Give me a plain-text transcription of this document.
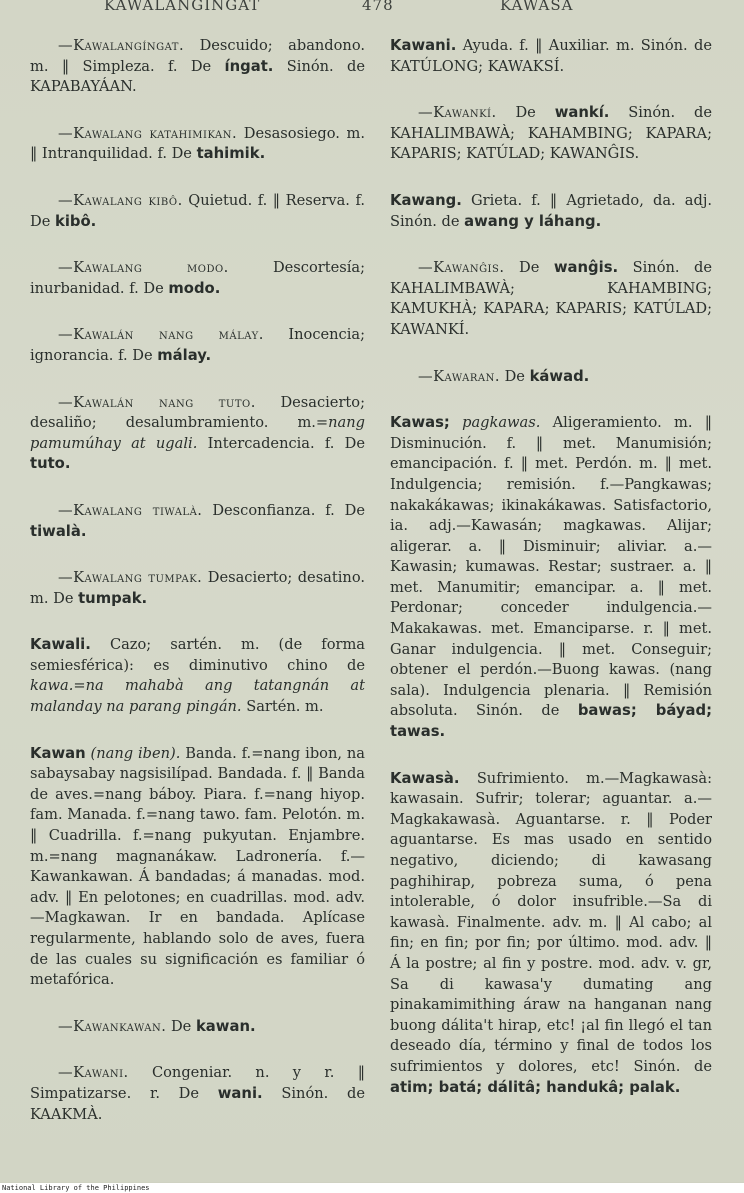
KAWALANGINGAT	478	KAWASA

—Kawalangíngat. Descuido; abandono. m. ‖ Simpleza. f. De íngat. Sinón. de KAPABAYÁAN.

—Kawalang katahimikan. Desasosiego. m. ‖ Intranquilidad. f. De tahimik.

—Kawalang kibô. Quietud. f. ‖ Reserva. f. De kibô.

—Kawalang modo.	Descortesía; inurbanidad. f. De modo.

—Kawalán nang málay. Inocencia; ignorancia. f. De málay.

—Kawalán nang tuto. Desacierto; desaliño; desalumbramiento. m.=nang pamumúhay at ugali. Intercadencia. f. De tuto.

—Kawalang tiwalà. Desconfianza. f. De tiwalà.

—Kawalang tumpak. Desacierto; desatino. m. De tumpak.

Kawali. Cazo; sartén. m. (de forma semiesférica): es diminutivo chino de kawa.=na mahabà ang tatangnán at malanday na parang pingán. Sartén. m.

Kawan (nang iben). Banda. f.=nang ibon, na sabaysabay nagsisilípad. Bandada. f. ‖ Banda de aves.=nang báboy. Piara. f.=nang hiyop. fam. Manada. f.=nang tawo. fam. Pelotón. m. ‖ Cuadrilla. f.=nang pukyutan. Enjambre. m.=nang magnanákaw. Ladronería. f.—Kawankawan. Á bandadas; á manadas. mod. adv. ‖ En pelotones; en cuadrillas. mod. adv.—Magkawan. Ir en bandada. Aplícase regularmente, hablando solo de aves, fuera de las cuales su significación es familiar ó metafórica.

—Kawankawan. De kawan.

—Kawani. Congeniar. n. y r. ‖ Simpatizarse. r. De wani. Sinón. de KAAKMÀ.

Kawani. Ayuda. f. ‖ Auxiliar. m. Sinón. de KATÚLONG; KAWAKSÍ.

—Kawankí. De wankí. Sinón. de KAHALIMBAWÀ; KAHAMBING; KAPARA; KAPARIS; KATÚLAD; KAWANĜIS.

Kawang. Grieta. f. ‖ Agrietado, da. adj. Sinón. de awang y láhang.

—Kawanĝis. De wanĝis. Sinón. de KAHALIMBAWÀ; KAHAMBING; KAMUKHÀ; KAPARA; KAPARIS; KATÚLAD; KAWANKÍ.

—Kawaran. De káwad.

Kawas; pagkawas. Aligeramiento. m. ‖ Disminución. f. ‖ met. Manumisión; emancipación. f. ‖ met. Perdón. m. ‖ met. Indulgencia; remisión. f.—Pangkawas; nakakákawas; ikinakákawas. Satisfactorio, ia. adj.—Kawasán; magkawas. Alijar; aligerar. a. ‖ Disminuir; aliviar. a.—Kawasin; kumawas. Restar; sustraer. a. ‖ met. Manumitir; emancipar. a. ‖ met. Perdonar; conceder indulgencia.—Makakawas. met. Emanciparse. r. ‖ met. Ganar indulgencia. ‖ met. Conseguir; obtener el perdón.—Buong kawas. (nang sala). Indulgencia plenaria. ‖ Remisión absoluta. Sinón. de bawas; báyad; tawas.

Kawasà. Sufrimiento. m.—Magkawasà: kawasain. Sufrir; tolerar; aguantar. a.—Magkakawasà. Aguantarse. r. ‖ Poder aguantarse. Es mas usado en sentido negativo, diciendo; di kawasang paghihirap, pobreza suma, ó pena intolerable, ó dolor insufrible.—Sa di kawasà. Finalmente. adv. m. ‖ Al cabo; al fin; en fin; por fin; por último. mod. adv. ‖ Á la postre; al fin y postre. mod. adv. v. gr, Sa di kawasa'y dumating ang pinakamimithing áraw na hanganan nang buong dálita't hirap, etc! ¡al fin llegó el tan deseado día, término y final de todos los sufrimientos y dolores, etc! Sinón. de atim; batá; dálitâ; handukâ; palak.

National Library of the Philippines
